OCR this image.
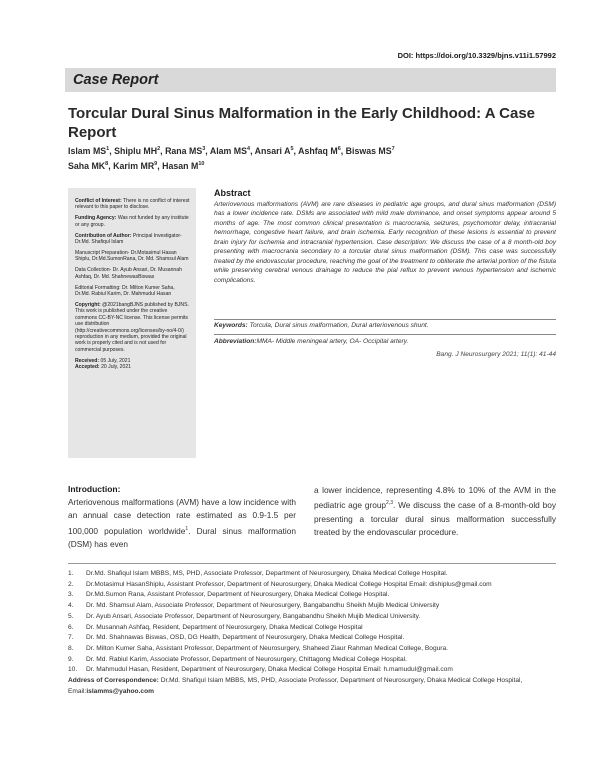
DOI: https://doi.org/10.3329/bjns.v11i1.57992
Case Report
Torcular Dural Sinus Malformation in the Early Childhood: A Case Report
Islam $MS^1$, Shiplu $MH^2$, Rana $MS^3$, Alam $MS^4$, Ansari $A^5$, Ashfaq $M^6$, Biswas $MS^7$
Saha $MK^8$, Karim $MR^9$, Hasan $M^{10}$

Conflict of Interest: There is no conflict of interest relevant to this paper to disclose.

Funding Agency: Was not funded by any institute or any group.

Contribution of Author: Principal Investigator- Dr.Md. Shafiqul Islam

Manuscript Preparation- Dr.Motasimul Hasan Shiplu, Dr.Md.SumonRana, Dr. Md. Shamsul Alam

Data Collection- Dr. Ayub Ansari, Dr. Musannah Ashfaq, Dr. Md. ShahnewasBiswas

Editorial Formatting: Dr. Milton Kumer Saha, Dr.Md. Rabiul Karim, Dr. Mahmudul Hasan

Copyright: @2021bangBJNS published by BJNS. This work is published under the creative commons CC-BY-NC license. This license permits use distribution (http://creativecommons.org/licenses/by-no/4-0/) reproduction in any medium, provided the original work is properly cited and is not used for commercial purposes.

Received: 05 July, 2021

Accepted: 20 July, 2021

Abstract

Arteriovenous malformations (AVM) are rare diseases in pediatric age groups, and dural sinus malformation (DSM) has a lower incidence rate. DSMs are associated with mild male dominance, and onset symptoms appear around 5 months of age. The most common clinical presentation is macrocrania, seizures, psychomotor delay, intracranial hemorrhage, congestive heart failure, and brain ischemia. Early recognition of these lesions is essential to prevent brain injury for ischemia and intracranial hypertension. Case description: We discuss the case of a 8 month-old boy presenting with macrocrania secondary to a torcular dural sinus malformation (DSM). This case was successfully treated by the endovascular procedure, reaching the goal of the treatment to obliterate the arterial portion of the fistula while preserving cerebral venous drainage to reduce the pial reflux to prevent venous hypertension and ischemic complications.

Keywords: Torcula, Dural sinus malformation, Dural arteriovenous shunt.
Abbreviation:MMA- Middle meningeal artery, OA- Occipital artery.
Bang. J Neurosurgery 2021; 11(1): 41-44
Introduction:
Arteriovenous malformations (AVM) have a low incidence with an annual case detection rate estimated as 0.9-1.5 per 100,000 population worldwide$^1$. Dural sinus malformation (DSM) has even
a lower incidence, representing 4.8% to 10% of the AVM in the pediatric age group$^{2,3}$. We discuss the case of a 8-month-old boy presenting a torcular dural sinus malformation successfully treated by the endovascular procedure.
1.	Dr.Md. Shafiqul Islam MBBS, MS, PHD, Associate Professor, Department of Neurosurgery, Dhaka Medical College Hospital.
2.	Dr.Motasimul HasanShiplu, Assistant Professor, Department of Neurosurgery, Dhaka Medical College Hospital Email: dishiplus@gmail.com
3.	Dr.Md.Sumon Rana, Assistant Professor, Department of Neurosurgery, Dhaka Medical College Hospital.
4.	Dr. Md. Shamsul Alam, Associate Professor, Department of Neurosurgery, Bangabandhu Sheikh Mujib Medical University
5.	Dr. Ayub Ansari, Associate Professor, Department of Neurosurgery, Bangabandhu Sheikh Mujib Medical University.
6.	Dr. Musannah Ashfaq, Resident, Department of Neurosurgery, Dhaka Medical College Hospital
7.	Dr. Md. Shahnawas Biswas, OSD, DG Health, Department of Neurosurgery, Dhaka Medical College Hospital.
8.	Dr. Milton Kumer Saha, Assistant Professor, Department of Neurosurgery, Shaheed Ziaur Rahman Medical College, Bogura.
9.	Dr. Md. Rabiul Karim, Associate Professor, Department of Neurosurgery, Chittagong Medical College Hospital.
10.	Dr. Mahmudul Hasan, Resident, Department of Neurosurgery, Dhaka Medical College Hospital Email: h.mamudul@gmail.com
Address of Correspondence: Dr.Md. Shafiqul Islam MBBS, MS, PHD, Associate Professor, Department of Neurosurgery, Dhaka Medical College Hospital, Email:islamms@yahoo.com
